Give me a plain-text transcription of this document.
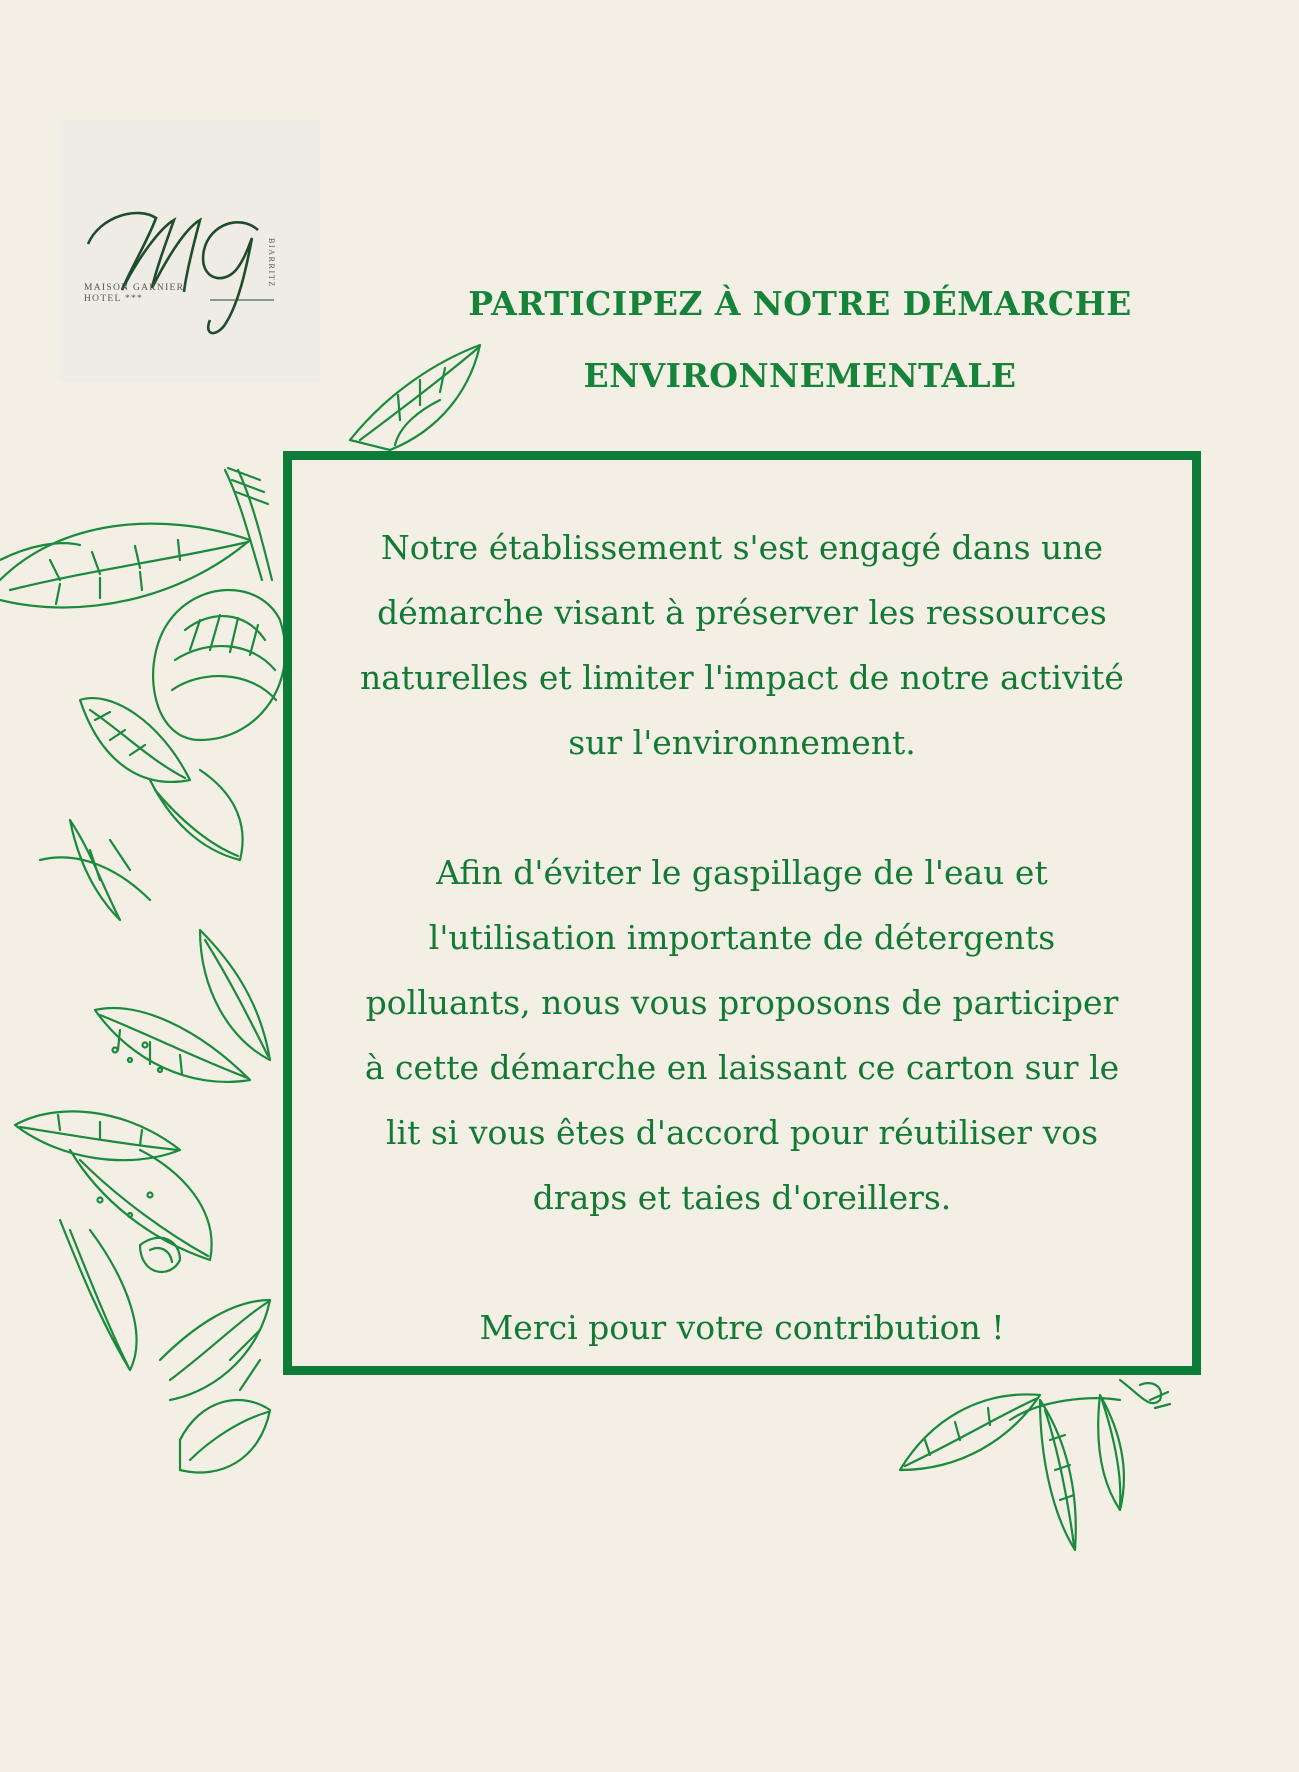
MAISON GARNIER
HOTEL ***
BIARRITZ
PARTICIPEZ À NOTRE DÉMARCHE
ENVIRONNEMENTALE

Notre établissement s'est engagé dans une
démarche visant à préserver les ressources
naturelles et limiter l'impact de notre activité
sur l'environnement.

Afin d'éviter le gaspillage de l'eau et
l'utilisation importante de détergents
polluants, nous vous proposons de participer
à cette démarche en laissant ce carton sur le
lit si vous êtes d'accord pour réutiliser vos
draps et taies d'oreillers.

Merci pour votre contribution !
